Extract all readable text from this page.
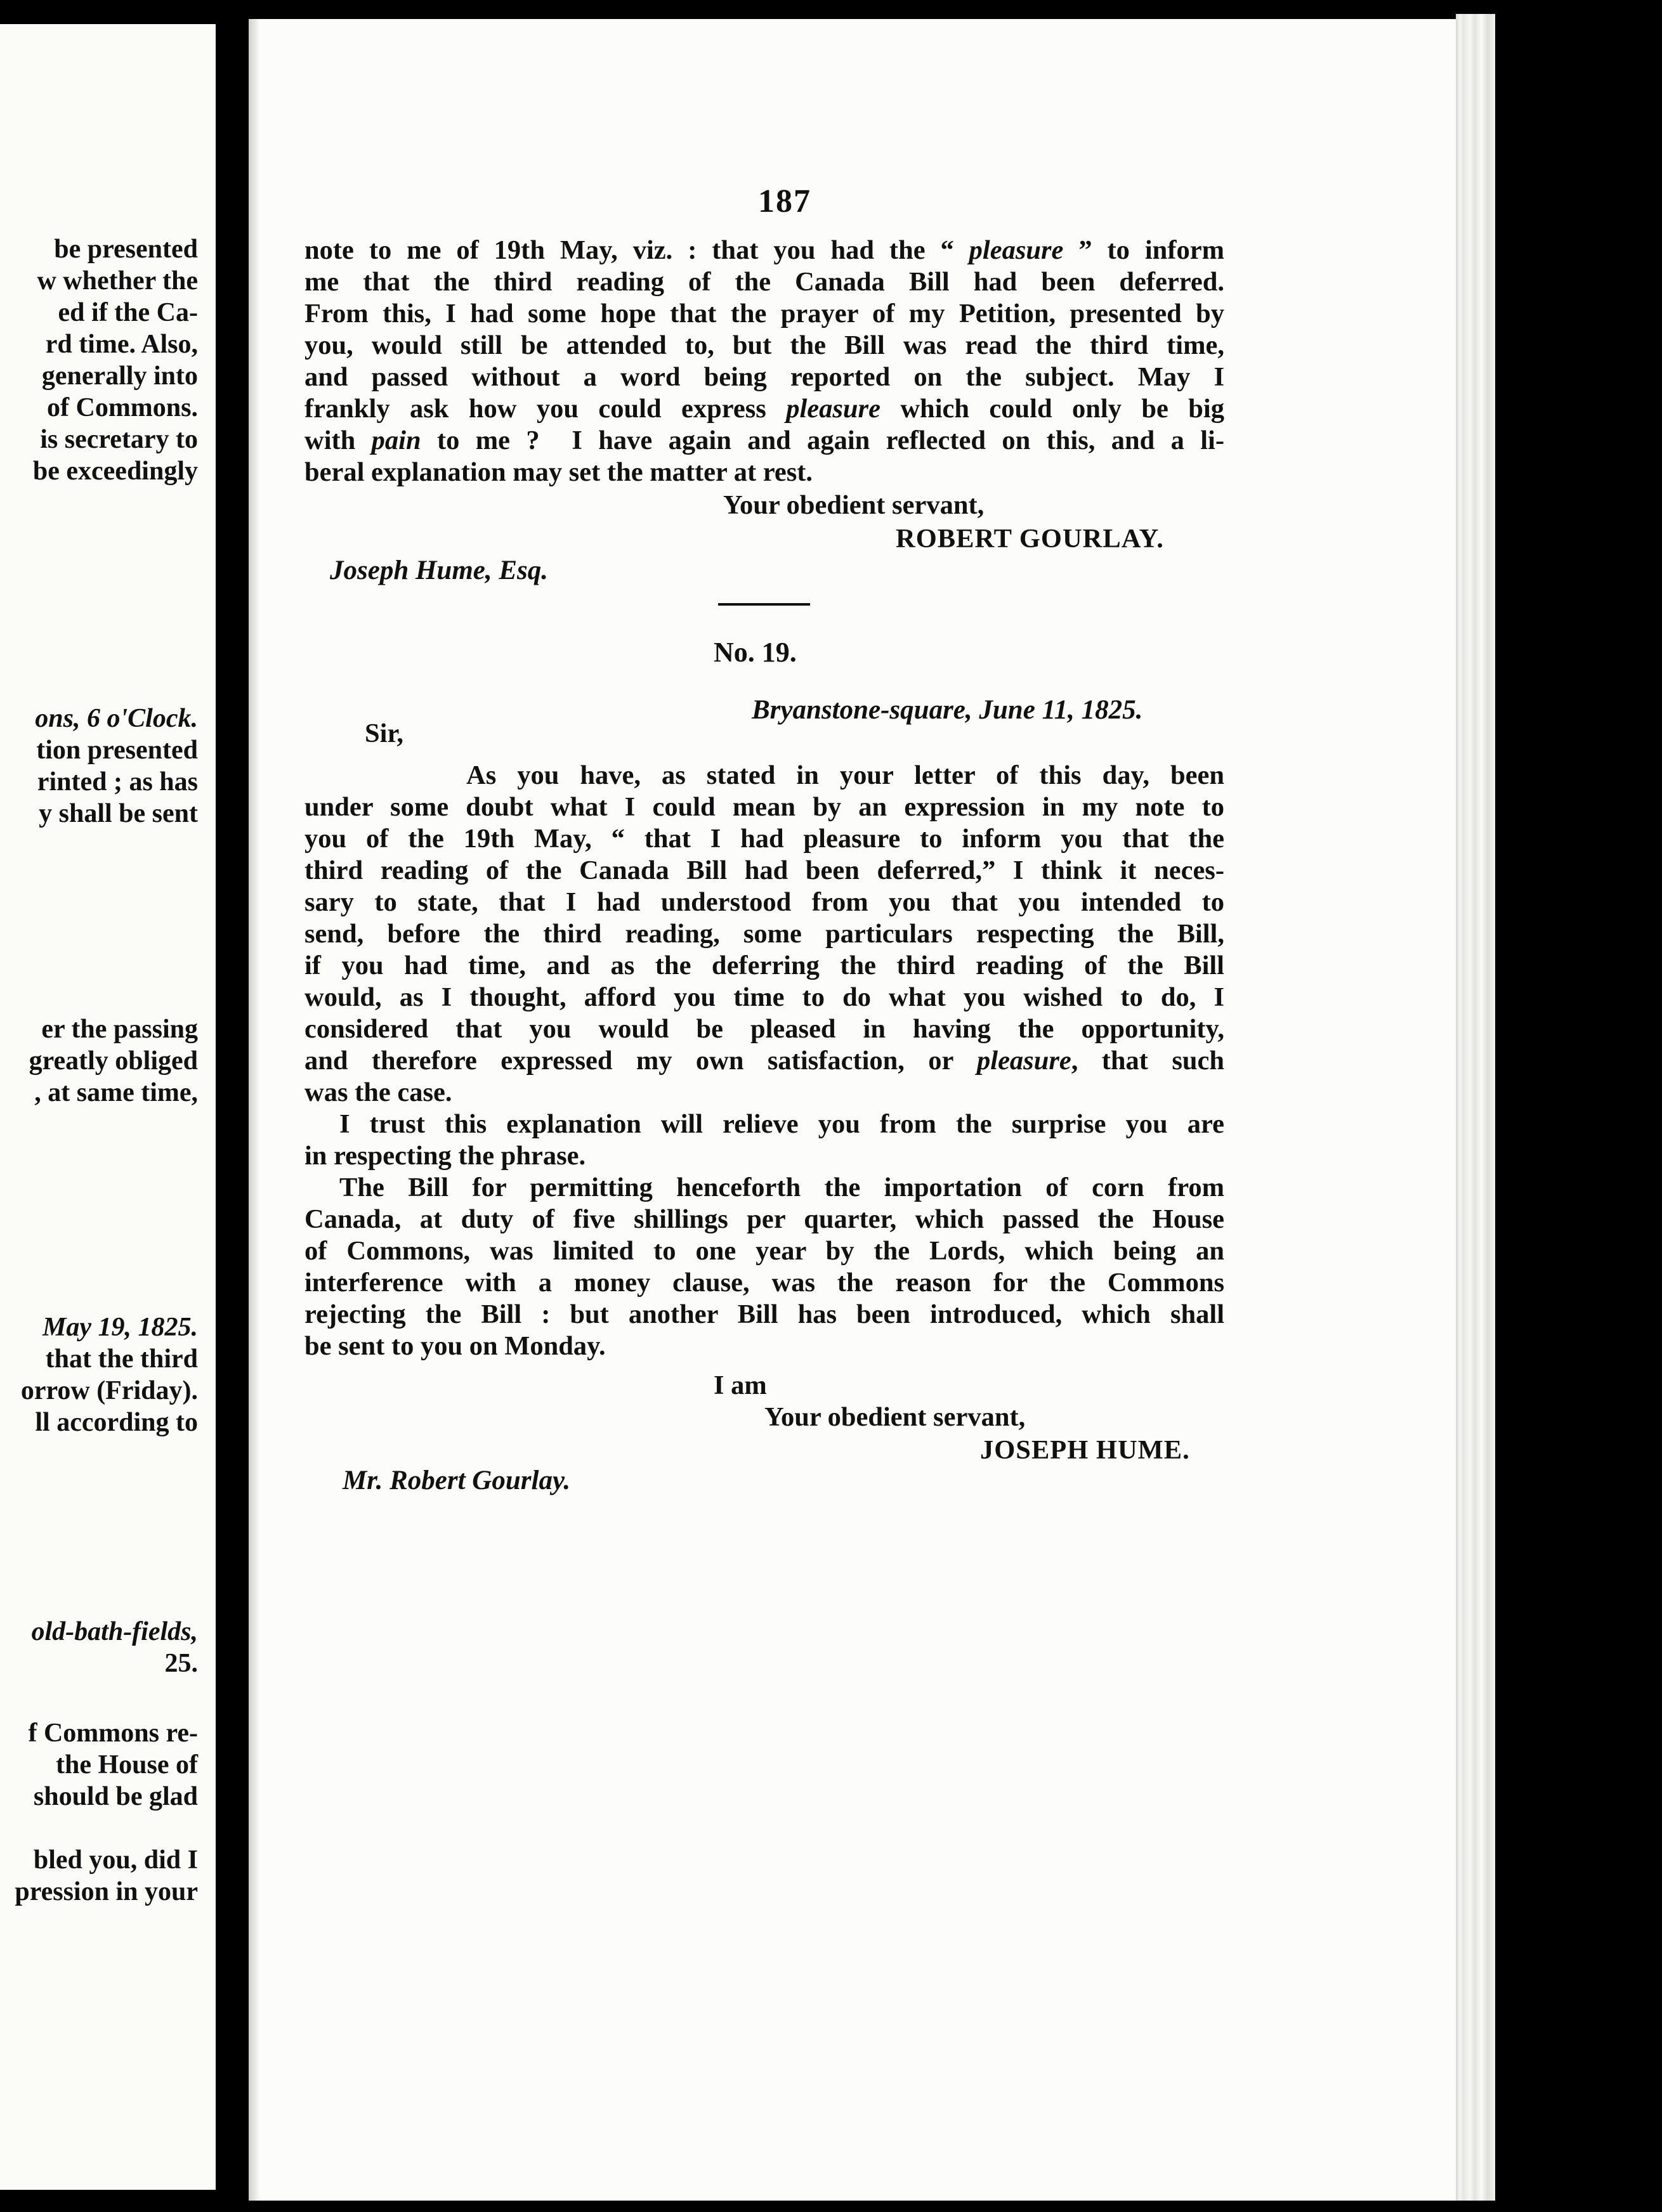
be presented
w whether the
ed if the Ca-
rd time. Also,
generally into
of Commons.
is secretary to
be exceedingly
ons, 6 o'Clock.
tion presented
rinted ; as has
y shall be sent
er the passing
greatly obliged
, at same time,
May 19, 1825.
that the third
orrow (Friday).
ll according to
old-bath-fields,
25.
f Commons re-
the House of
should be glad
bled you, did I
pression in your
187
note to me of 19th May, viz. : that you had the “ pleasure ” to inform
me that the third reading of the Canada Bill had been deferred.
From this, I had some hope that the prayer of my Petition, presented by
you, would still be attended to, but the Bill was read the third time,
and passed without a word being reported on the subject. May I
frankly ask how you could express pleasure which could only be big
with pain to me ?  I have again and again reflected on this, and a li-
beral explanation may set the matter at rest.
Your obedient servant,
ROBERT GOURLAY.
Joseph Hume, Esq.
No. 19.
Bryanstone-square, June 11, 1825.
Sir,
As you have, as stated in your letter of this day, been
under some doubt what I could mean by an expression in my note to
you of the 19th May, “ that I had pleasure to inform you that the
third reading of the Canada Bill had been deferred,” I think it neces-
sary to state, that I had understood from you that you intended to
send, before the third reading, some particulars respecting the Bill,
if you had time, and as the deferring the third reading of the Bill
would, as I thought, afford you time to do what you wished to do, I
considered that you would be pleased in having the opportunity,
and therefore expressed my own satisfaction, or pleasure, that such
was the case.
I trust this explanation will relieve you from the surprise you are
in respecting the phrase.
The Bill for permitting henceforth the importation of corn from
Canada, at duty of five shillings per quarter, which passed the House
of Commons, was limited to one year by the Lords, which being an
interference with a money clause, was the reason for the Commons
rejecting the Bill : but another Bill has been introduced, which shall
be sent to you on Monday.
I am
Your obedient servant,
JOSEPH HUME.
Mr. Robert Gourlay.
